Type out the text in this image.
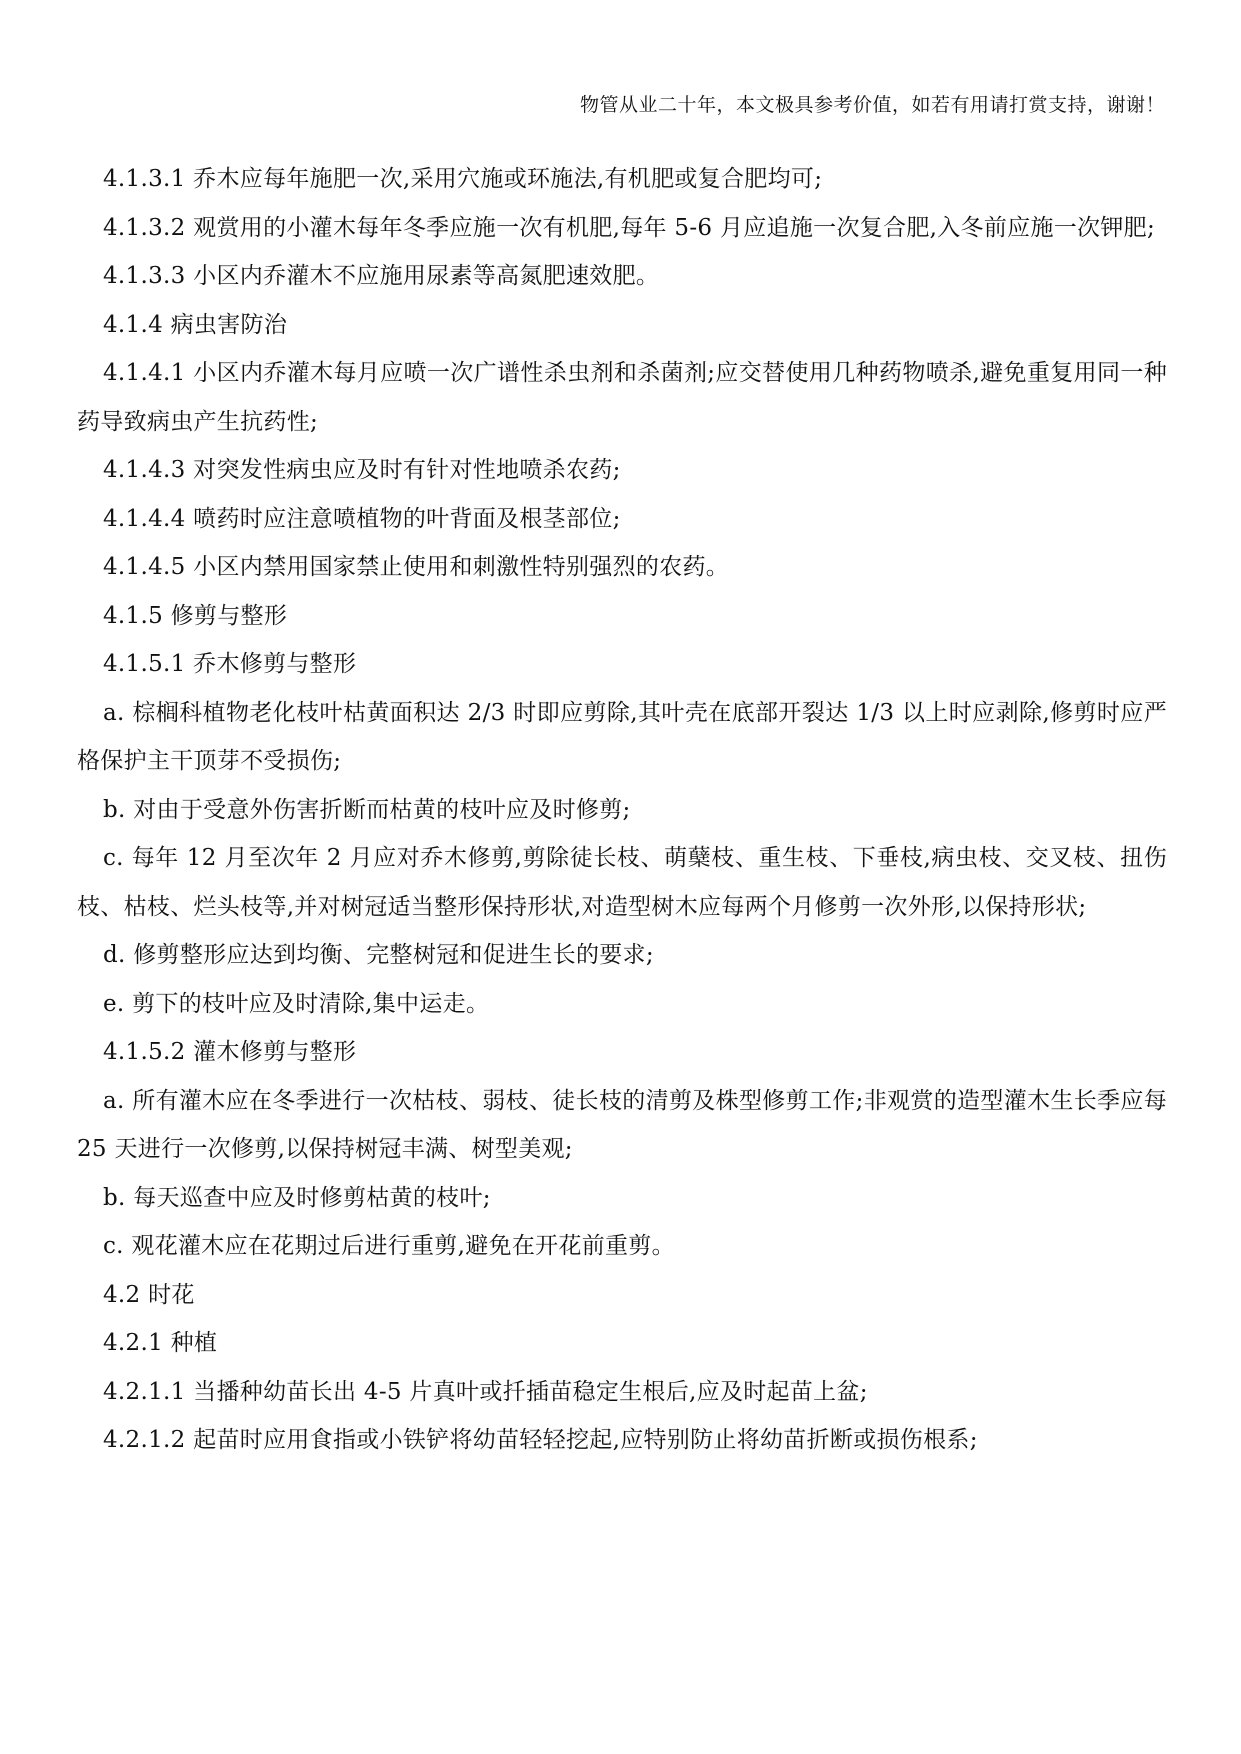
物管从业二十年，本文极具参考价值，如若有用请打赏支持，谢谢！

4.1.3.1 乔木应每年施肥一次,采用穴施或环施法,有机肥或复合肥均可;

4.1.3.2 观赏用的小灌木每年冬季应施一次有机肥,每年 5-6 月应追施一次复合肥,入冬前应施一次钾肥;

4.1.3.3 小区内乔灌木不应施用尿素等高氮肥速效肥。

4.1.4 病虫害防治

4.1.4.1 小区内乔灌木每月应喷一次广谱性杀虫剂和杀菌剂;应交替使用几种药物喷杀,避免重复用同一种药导致病虫产生抗药性;

4.1.4.3 对突发性病虫应及时有针对性地喷杀农药;

4.1.4.4 喷药时应注意喷植物的叶背面及根茎部位;

4.1.4.5 小区内禁用国家禁止使用和刺激性特别强烈的农药。

4.1.5 修剪与整形

4.1.5.1 乔木修剪与整形

a. 棕榈科植物老化枝叶枯黄面积达 2/3 时即应剪除,其叶壳在底部开裂达 1/3 以上时应剥除,修剪时应严格保护主干顶芽不受损伤;

b. 对由于受意外伤害折断而枯黄的枝叶应及时修剪;

c. 每年 12 月至次年 2 月应对乔木修剪,剪除徒长枝、萌蘖枝、重生枝、下垂枝,病虫枝、交叉枝、扭伤枝、枯枝、烂头枝等,并对树冠适当整形保持形状,对造型树木应每两个月修剪一次外形,以保持形状;

d. 修剪整形应达到均衡、完整树冠和促进生长的要求;

e. 剪下的枝叶应及时清除,集中运走。

4.1.5.2 灌木修剪与整形

a. 所有灌木应在冬季进行一次枯枝、弱枝、徒长枝的清剪及株型修剪工作;非观赏的造型灌木生长季应每 25 天进行一次修剪,以保持树冠丰满、树型美观;

b. 每天巡查中应及时修剪枯黄的枝叶;

c. 观花灌木应在花期过后进行重剪,避免在开花前重剪。

4.2 时花

4.2.1 种植

4.2.1.1 当播种幼苗长出 4-5 片真叶或扦插苗稳定生根后,应及时起苗上盆;

4.2.1.2 起苗时应用食指或小铁铲将幼苗轻轻挖起,应特别防止将幼苗折断或损伤根系;
